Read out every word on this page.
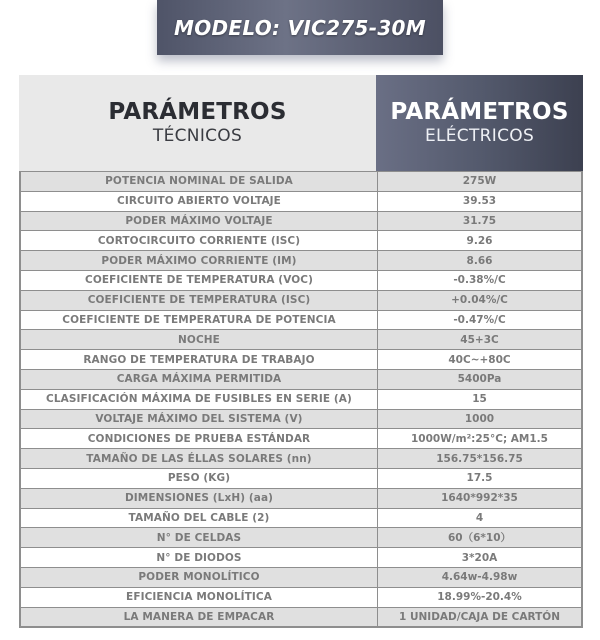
MODELO: VIC275-30M
PARÁMETROS
TÉCNICOS
PARÁMETROS
ELÉCTRICOS
POTENCIA NOMINAL DE SALIDA	275W
CIRCUITO ABIERTO VOLTAJE	39.53
PODER MÁXIMO VOLTAJE	31.75
CORTOCIRCUITO CORRIENTE (ISC)	9.26
PODER MÁXIMO CORRIENTE (IM)	8.66
COEFICIENTE DE TEMPERATURA (VOC)	-0.38%/C
COEFICIENTE DE TEMPERATURA (ISC)	+0.04%/C
COEFICIENTE DE TEMPERATURA DE POTENCIA	-0.47%/C
NOCHE	45+3C
RANGO DE TEMPERATURA DE TRABAJO	40C~+80C
CARGA MÁXIMA PERMITIDA	5400Pa
CLASIFICACIÓN MÁXIMA DE FUSIBLES EN SERIE (A)	15
VOLTAJE MÁXIMO DEL SISTEMA (V)	1000
CONDICIONES DE PRUEBA ESTÁNDAR	1000W/m²:25°C; AM1.5
TAMAÑO DE LAS ÉLLAS SOLARES (nn)	156.75*156.75
PESO (KG)	17.5
DIMENSIONES (LxH) (aa)	1640*992*35
TAMAÑO DEL CABLE (2)	4
N° DE CELDAS	60（6*10）
N° DE DIODOS	3*20A
PODER MONOLÍTICO	4.64w-4.98w
EFICIENCIA MONOLÍTICA	18.99%-20.4%
LA MANERA DE EMPACAR	1 UNIDAD/CAJA DE CARTÓN
